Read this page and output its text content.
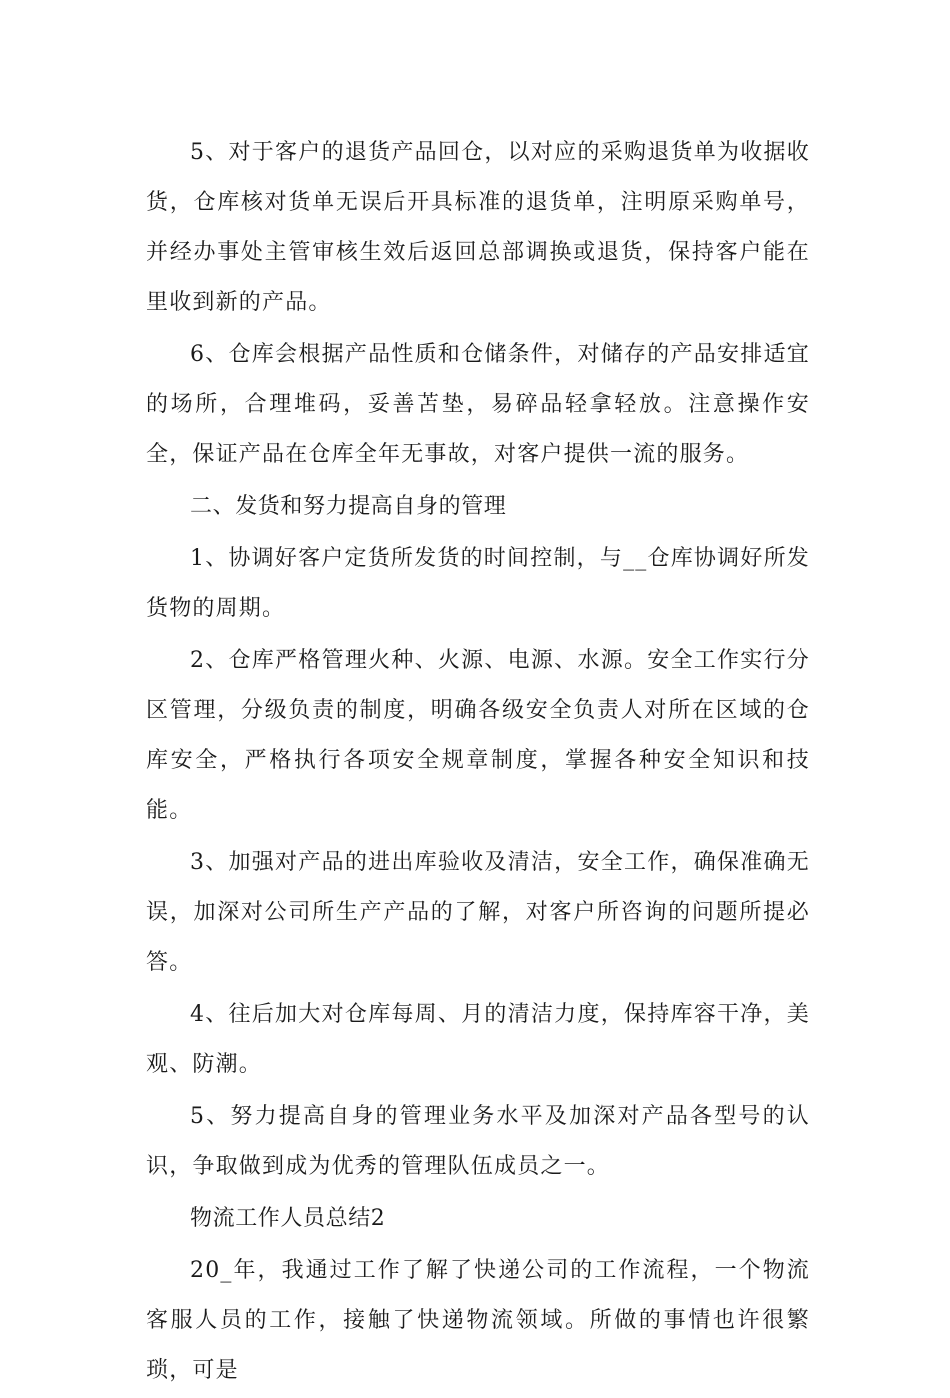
5、对于客户的退货产品回仓，以对应的采购退货单为收据收货，仓库核对货单无误后开具标准的退货单，注明原采购单号，并经办事处主管审核生效后返回总部调换或退货，保持客户能在里收到新的产品。

6、仓库会根据产品性质和仓储条件，对储存的产品安排适宜的场所，合理堆码，妥善苫垫，易碎品轻拿轻放。注意操作安全，保证产品在仓库全年无事故，对客户提供一流的服务。

二、发货和努力提高自身的管理

1、协调好客户定货所发货的时间控制，与__仓库协调好所发货物的周期。

2、仓库严格管理火种、火源、电源、水源。安全工作实行分区管理，分级负责的制度，明确各级安全负责人对所在区域的仓库安全，严格执行各项安全规章制度，掌握各种安全知识和技能。

3、加强对产品的进出库验收及清洁，安全工作，确保准确无误，加深对公司所生产产品的了解，对客户所咨询的问题所提必答。

4、往后加大对仓库每周、月的清洁力度，保持库容干净，美观、防潮。

5、努力提高自身的管理业务水平及加深对产品各型号的认识，争取做到成为优秀的管理队伍成员之一。

物流工作人员总结2

20_年，我通过工作了解了快递公司的工作流程，一个物流客服人员的工作，接触了快递物流领域。所做的事情也许很繁琐，可是
